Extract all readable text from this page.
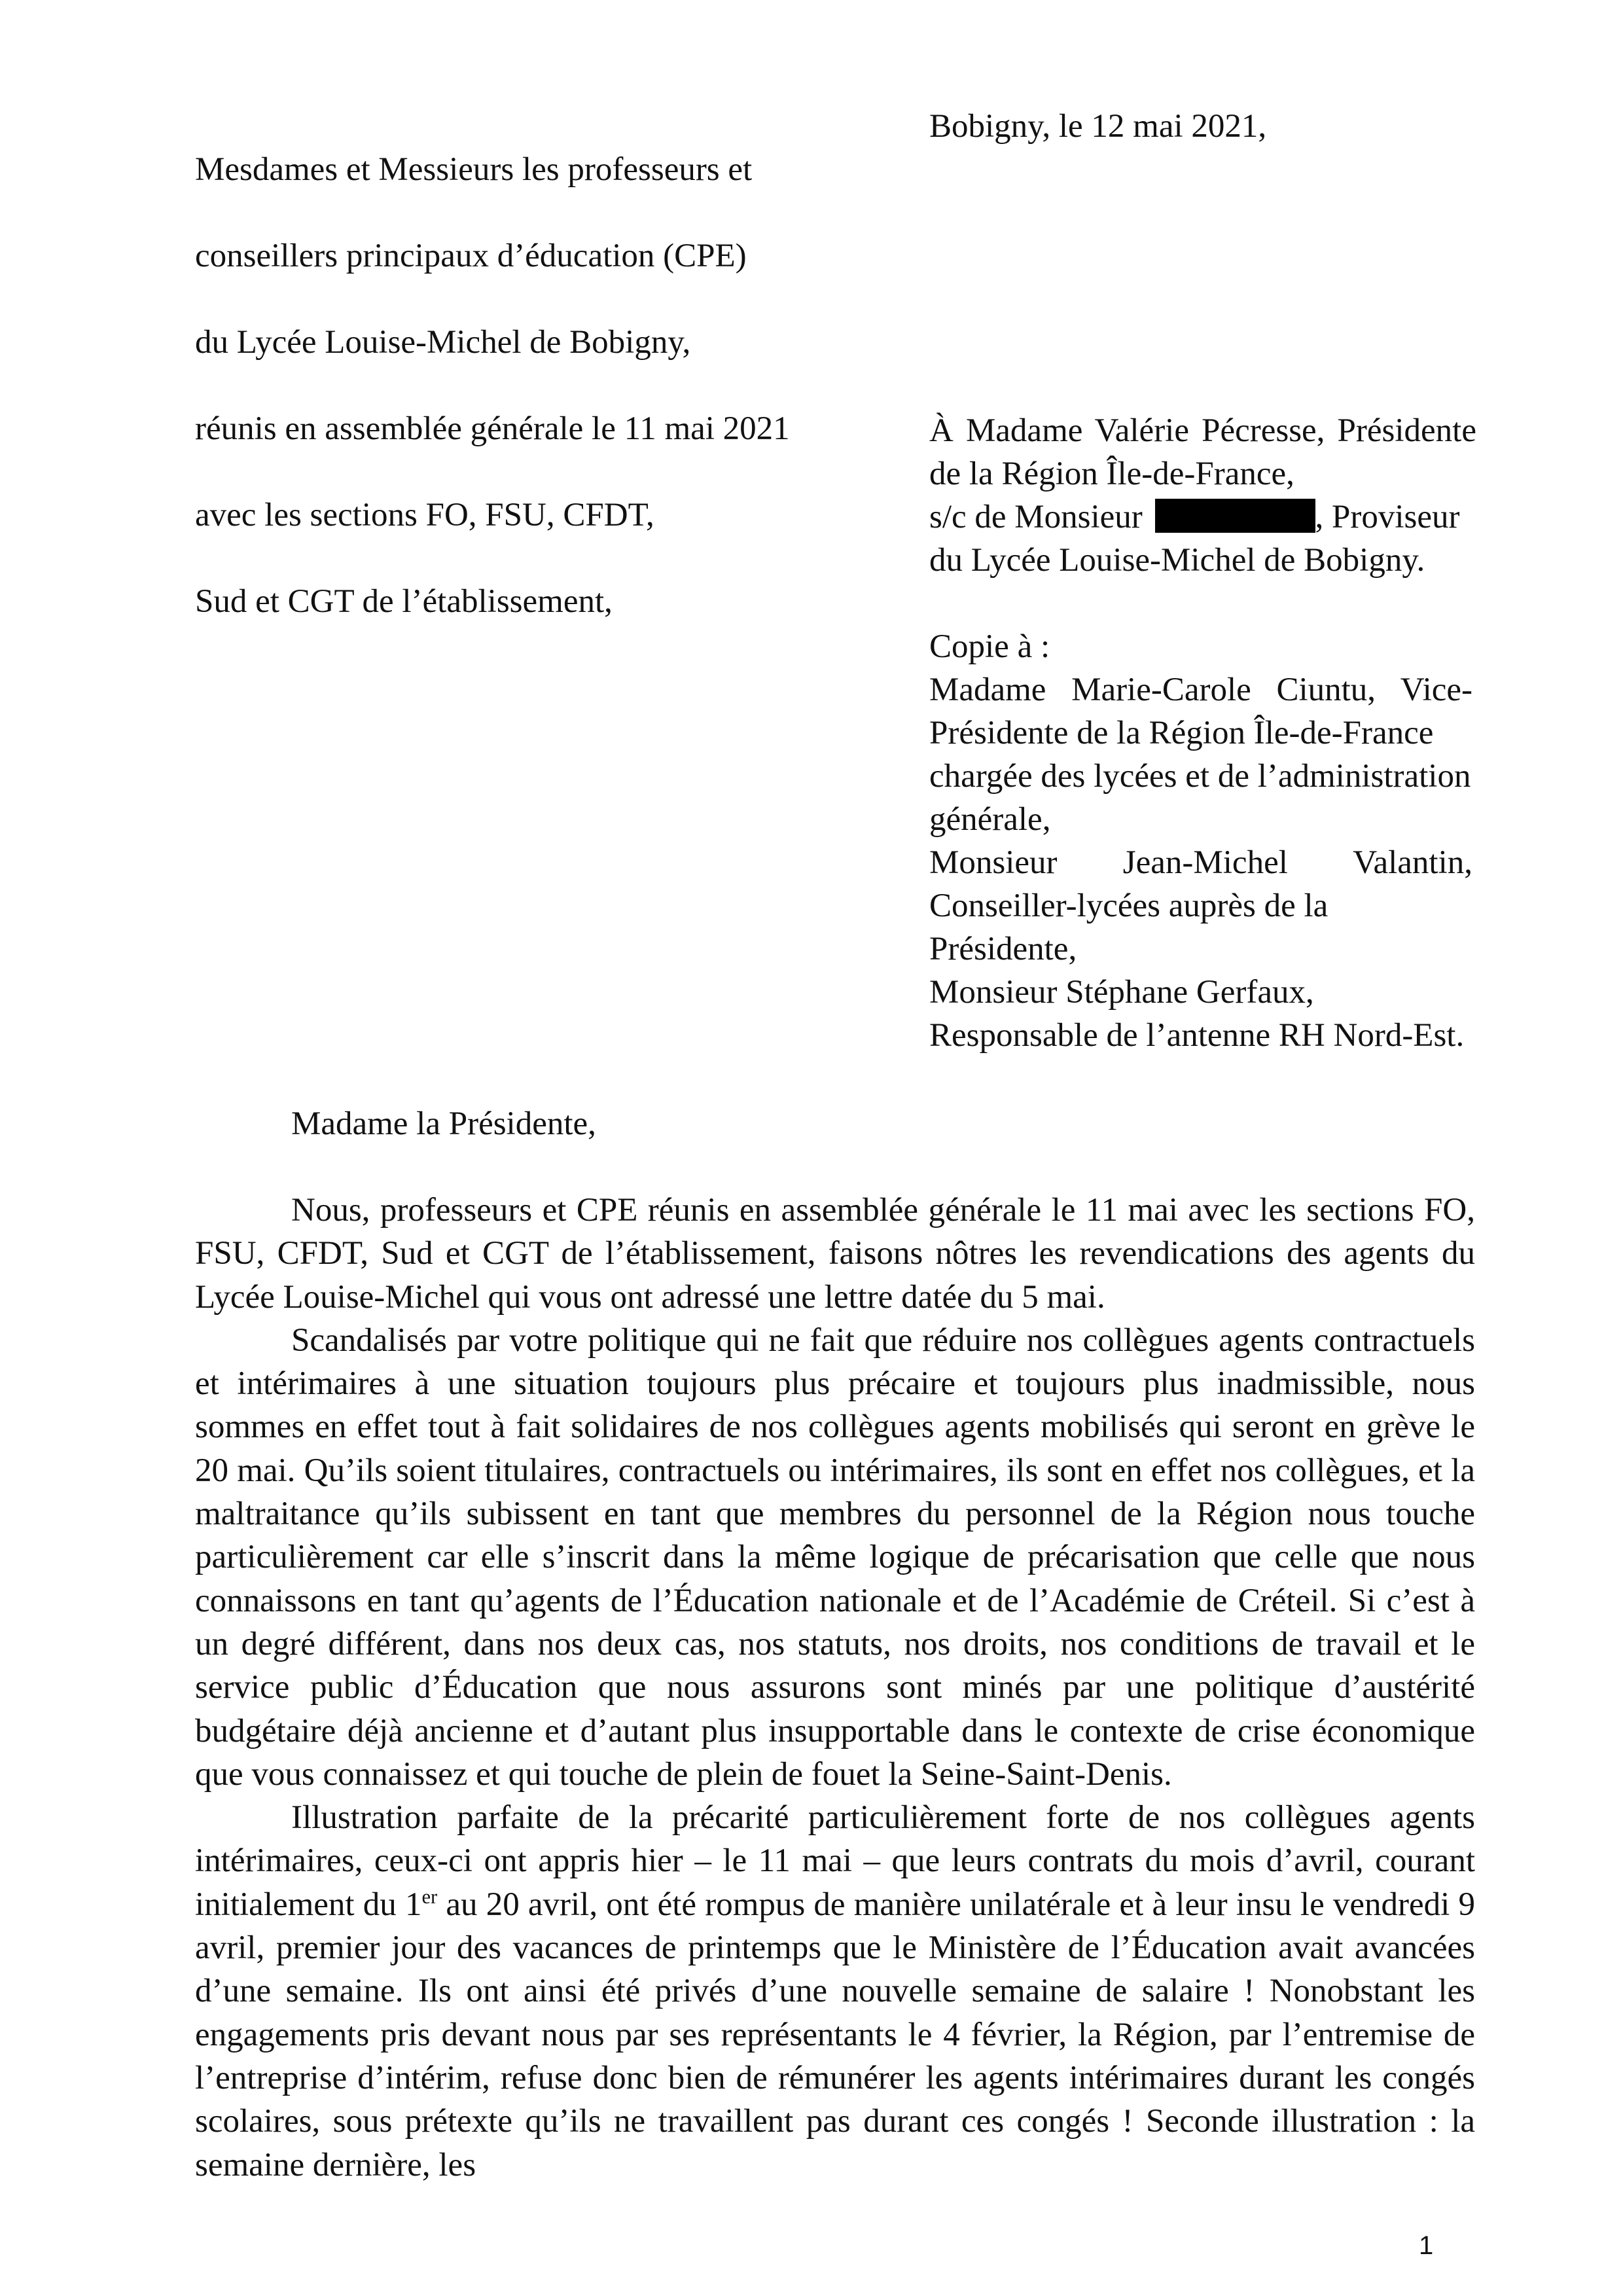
Mesdames et Messieurs les professeurs et

conseillers principaux d’éducation (CPE)

du Lycée Louise-Michel de Bobigny,

réunis en assemblée générale le 11 mai 2021

avec les sections FO, FSU, CFDT,

Sud et CGT de l’établissement,

Bobigny, le 12 mai 2021,
À Madame Valérie Pécresse, Présidente
de la Région Île-de-France,
s/c de Monsieur	, Proviseur
du Lycée Louise-Michel de Bobigny.
Copie à :
Madame Marie-Carole Ciuntu, Vice-
Présidente de la Région Île-de-France
chargée des lycées et de l’administration
générale,
Monsieur Jean-Michel Valantin,
Conseiller-lycées auprès de la Présidente,
Monsieur Stéphane Gerfaux,
Responsable de l’antenne RH Nord-Est.
Madame la Présidente,

Nous, professeurs et CPE réunis en assemblée générale le 11 mai avec les sections FO, FSU, CFDT, Sud et CGT de l’établissement, faisons nôtres les revendications des agents du Lycée Louise-Michel qui vous ont adressé une lettre datée du 5 mai.

Scandalisés par votre politique qui ne fait que réduire nos collègues agents contractuels et intérimaires à une situation toujours plus précaire et toujours plus inadmissible, nous sommes en effet tout à fait solidaires de nos collègues agents mobilisés qui seront en grève le 20 mai. Qu’ils soient titulaires, contractuels ou intérimaires, ils sont en effet nos collègues, et la maltraitance qu’ils subissent en tant que membres du personnel de la Région nous touche particulièrement car elle s’inscrit dans la même logique de précarisation que celle que nous connaissons en tant qu’agents de l’Éducation nationale et de l’Académie de Créteil. Si c’est à un degré différent, dans nos deux cas, nos statuts, nos droits, nos conditions de travail et le service public d’Éducation que nous assurons sont minés par une politique d’austérité budgétaire déjà ancienne et d’autant plus insupportable dans le contexte de crise économique que vous connaissez et qui touche de plein de fouet la Seine-Saint-Denis.

Illustration parfaite de la précarité particulièrement forte de nos collègues agents intérimaires, ceux-ci ont appris hier – le 11 mai – que leurs contrats du mois d’avril, courant initialement du 1er au 20 avril, ont été rompus de manière unilatérale et à leur insu le vendredi 9 avril, premier jour des vacances de printemps que le Ministère de l’Éducation avait avancées d’une semaine. Ils ont ainsi été privés d’une nouvelle semaine de salaire ! Nonobstant les engagements pris devant nous par ses représentants le 4 février, la Région, par l’entremise de l’entreprise d’intérim, refuse donc bien de rémunérer les agents intérimaires durant les congés scolaires, sous prétexte qu’ils ne travaillent pas durant ces congés ! Seconde illustration : la semaine dernière, les

1
